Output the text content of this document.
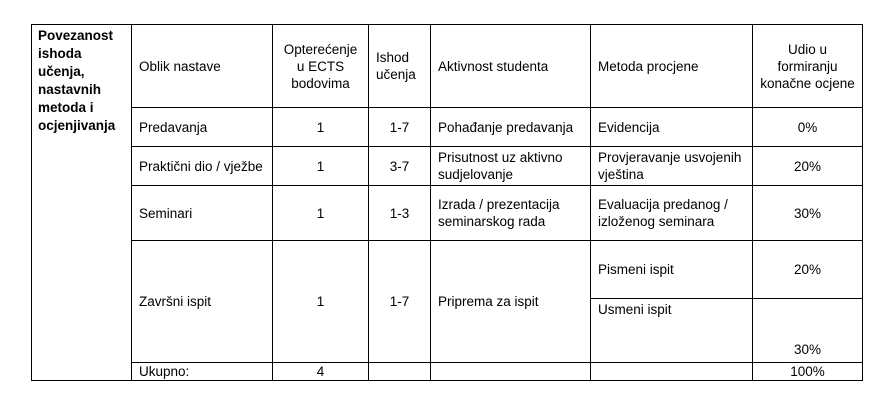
Povezanost ishoda učenja, nastavnih metoda i ocjenjivanja	Oblik nastave	Opterećenje u ECTS bodovima	Ishod učenja	Aktivnost studenta	Metoda procjene	Udio u formiranju konačne ocjene
	Predavanja	1	1-7	Pohađanje predavanja	Evidencija	0%
	Praktični dio / vježbe	1	3-7	Prisutnost uz aktivno sudjelovanje	Provjeravanje usvojenih vještina	20%
	Seminari	1	1-3	Izrada / prezentacija seminarskog rada	Evaluacija predanog / izloženog seminara	30%
	Završni ispit	1	1-7	Priprema za ispit	Pismeni ispit	20%
					Usmeni ispit	30%
	Ukupno:	4				100%
